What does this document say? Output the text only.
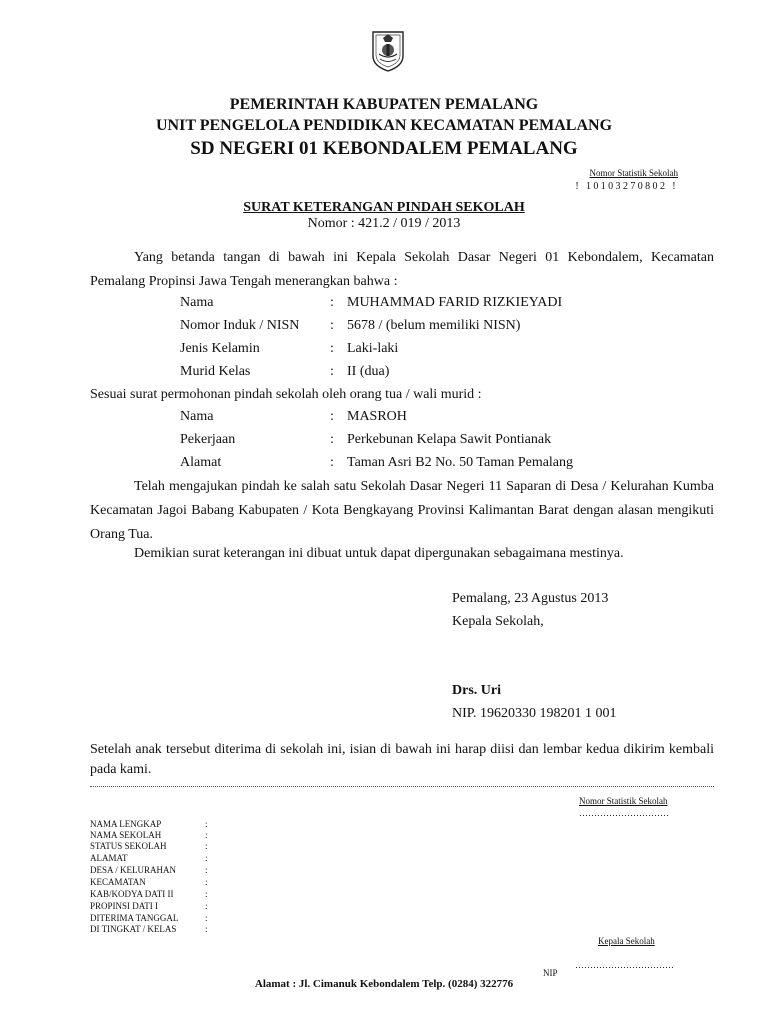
PEMERINTAH KABUPATEN PEMALANG
UNIT PENGELOLA PENDIDIKAN KECAMATAN PEMALANG
SD NEGERI 01 KEBONDALEM PEMALANG
Nomor Statistik Sekolah
! 10103270802 !
SURAT KETERANGAN PINDAH SEKOLAH
Nomor : 421.2 / 019 / 2013
Yang betanda tangan di bawah ini Kepala Sekolah Dasar Negeri 01 Kebondalem, Kecamatan Pemalang Propinsi Jawa Tengah menerangkan bahwa :
Nama	: MUHAMMAD FARID RIZKIEYADI
Nomor Induk / NISN : 5678 / (belum memiliki NISN)
Jenis Kelamin	: Laki-laki
Murid Kelas	: II (dua)
Sesuai surat permohonan pindah sekolah oleh orang tua / wali murid :
Nama	: MASROH
Pekerjaan	: Perkebunan Kelapa Sawit Pontianak
Alamat	: Taman Asri B2 No. 50 Taman Pemalang
Telah mengajukan pindah ke salah satu Sekolah Dasar Negeri 11 Saparan di Desa / Kelurahan Kumba Kecamatan Jagoi Babang Kabupaten / Kota Bengkayang Provinsi Kalimantan Barat dengan alasan mengikuti Orang Tua.
Demikian surat keterangan ini dibuat untuk dapat dipergunakan sebagaimana mestinya.
Pemalang, 23 Agustus 2013
Kepala Sekolah,
Drs. Uri
NIP. 19620330 198201 1 001
Setelah anak tersebut diterima di sekolah ini, isian di bawah ini harap diisi dan lembar kedua dikirim kembali pada kami.
Nomor Statistik Sekolah
…………………………
NAMA LENGKAP	:
NAMA SEKOLAH	:
STATUS SEKOLAH	:
ALAMAT	:
DESA / KELURAHAN	:
KECAMATAN	:
KAB/KODYA DATI II	:
PROPINSI DATI I	:
DITERIMA TANGGAL	:
DI TINGKAT / KELAS	:
Kepala Sekolah
……………………………
NIP
Alamat : Jl. Cimanuk Kebondalem Telp. (0284) 322776
